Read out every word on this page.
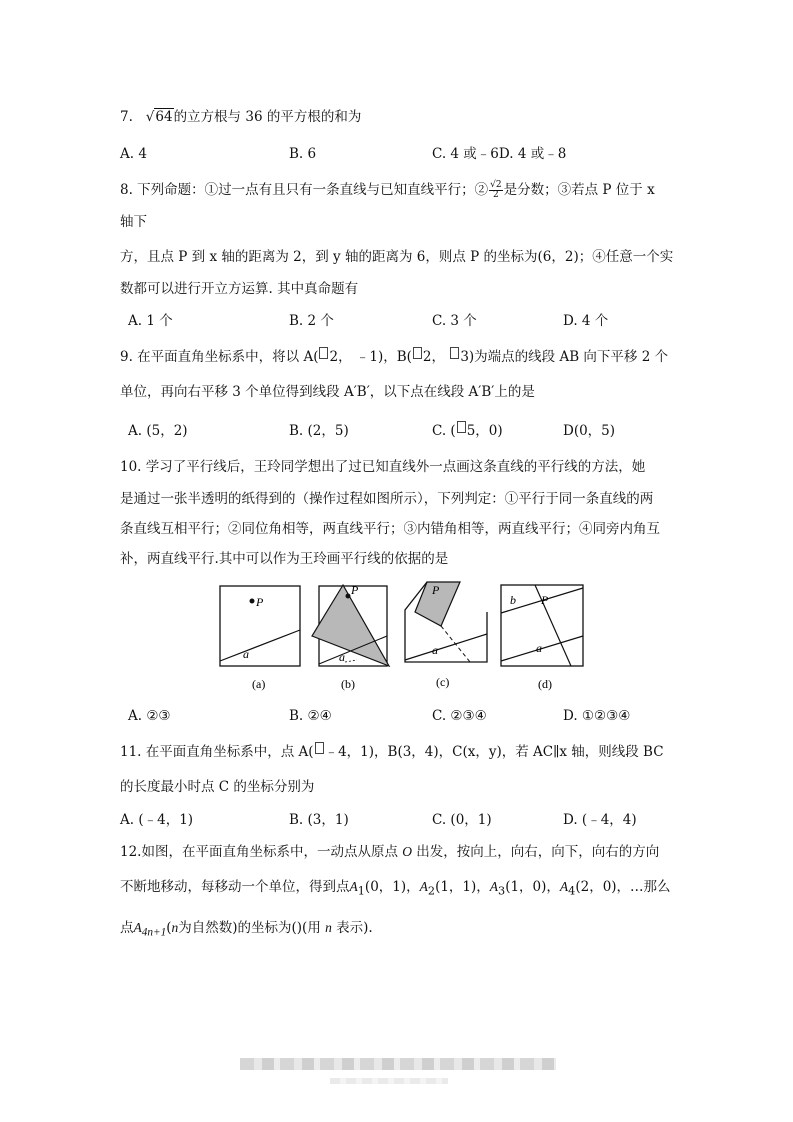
7. √64的立方根与 36 的平方根的和为
A. 4	B. 6	C. 4 或﹣6D. 4 或﹣8
8. 下列命题：①过一点有且只有一条直线与已知直线平行；② $\frac{√2}{2}$ 是分数；③若点 P 位于 x
轴下
方，且点 P 到 x 轴的距离为 2，到 y 轴的距离为 6，则点 P 的坐标为(6，2)；④任意一个实
数都可以进行开立方运算. 其中真命题有
A. 1 个	B. 2 个	C. 3 个	D. 4 个
9. 在平面直角坐标系中，将以 A( 2， ﹣1)，B( 2， 3)为端点的线段 AB 向下平移 2 个
单位，再向右平移 3 个单位得到线段 A′B′，以下点在线段 A′B′上的是
A. (5，2)	B. (2，5)	C. ( 5，0)	D(0，5)
10. 学习了平行线后，王玲同学想出了过已知直线外一点画这条直线的平行线的方法，她
是通过一张半透明的纸得到的（操作过程如图所示），下列判定：①平行于同一条直线的两
条直线互相平行；②同位角相等，两直线平行；③内错角相等，两直线平行；④同旁内角互
补，两直线平行.其中可以作为王玲画平行线的依据的是
P
a
(a)
P
a
(b)
P
a
(c)
b P
a
(d)
A. ②③	B. ②④	C. ②③④	D. ①②③④
11. 在平面直角坐标系中，点 A( ﹣4，1)，B(3，4)，C(x，y)，若 AC∥x 轴，则线段 BC
的长度最小时点 C 的坐标分别为
A. (﹣4，1)	B. (3，1)	C. (0，1)	D. (﹣4，4)
12.如图，在平面直角坐标系中，一动点从原点 O 出发，按向上，向右，向下，向右的方向
不断地移动，每移动一个单位，得到点$A_1(0$，1)，$A_2(1$，1)，$A_3(1$，0)，$A_4(2$，0)，…那么
点$A_{4n+1}(n$为自然数)的坐标为()(用 n 表示).
